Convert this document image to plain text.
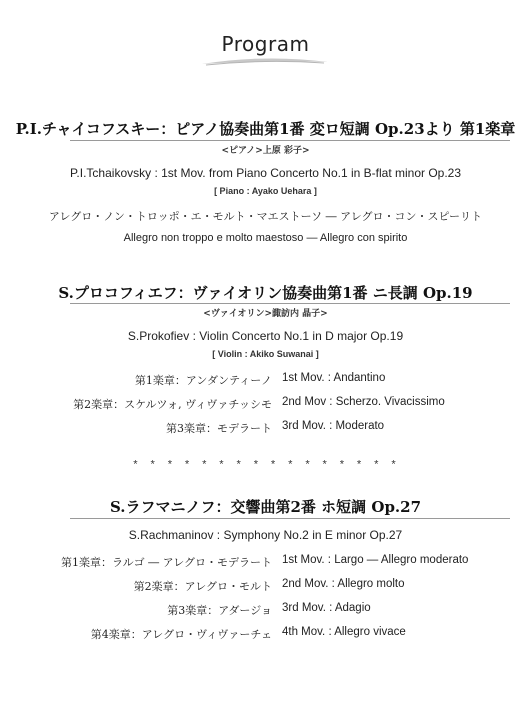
Program
P.I.チャイコフスキー：ピアノ協奏曲第1番 変ロ短調 Op.23より 第1楽章
<ピアノ>上原 彩子>
P.I.Tchaikovsky : 1st Mov. from Piano Concerto No.1 in B-flat minor Op.23
[ Piano : Ayako Uehara ]
アレグロ・ノン・トロッポ・エ・モルト・マエストーソ ― アレグロ・コン・スピーリト
Allegro non troppo e molto maestoso ― Allegro con spirito
S.プロコフィエフ：ヴァイオリン協奏曲第1番 ニ長調 Op.19
<ヴァイオリン>諏訪内 晶子>
S.Prokofiev : Violin Concerto No.1 in D major Op.19
[ Violin : Akiko Suwanai ]
第1楽章：アンダンティーノ 1st Mov. : Andantino
第2楽章：スケルツォ, ヴィヴァチッシモ 2nd Mov : Scherzo. Vivacissimo
第3楽章：モデラート 3rd Mov. : Moderato
* * * * * * * * * * * * * * * *
S.ラフマニノフ：交響曲第2番 ホ短調 Op.27
S.Rachmaninov : Symphony No.2 in E minor Op.27
第1楽章：ラルゴ ― アレグロ・モデラート 1st Mov. : Largo ― Allegro moderato
第2楽章：アレグロ・モルト 2nd Mov. : Allegro molto
第3楽章：アダージョ 3rd Mov. : Adagio
第4楽章：アレグロ・ヴィヴァーチェ 4th Mov. : Allegro vivace
